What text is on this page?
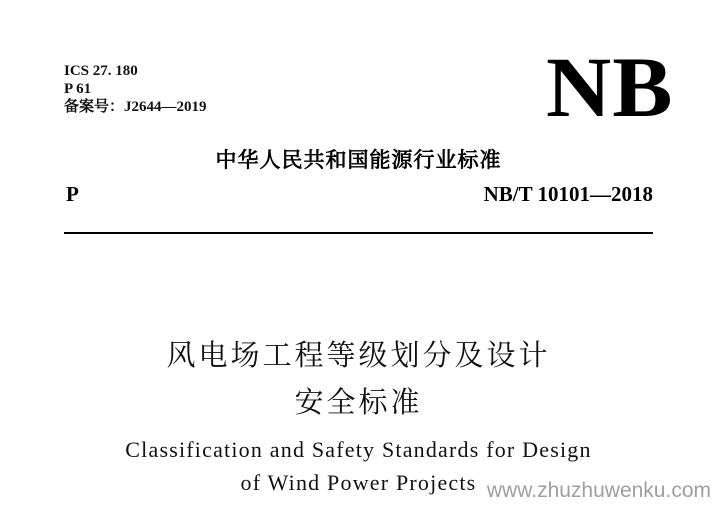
ICS 27. 180
P 61
备案号：J2644—2019	NB
中华人民共和国能源行业标准
P	NB/T 10101—2018
风电场工程等级划分及设计
安全标准
Classification and Safety Standards for Design
of Wind Power Projects www.zhuzhuwenku.com
